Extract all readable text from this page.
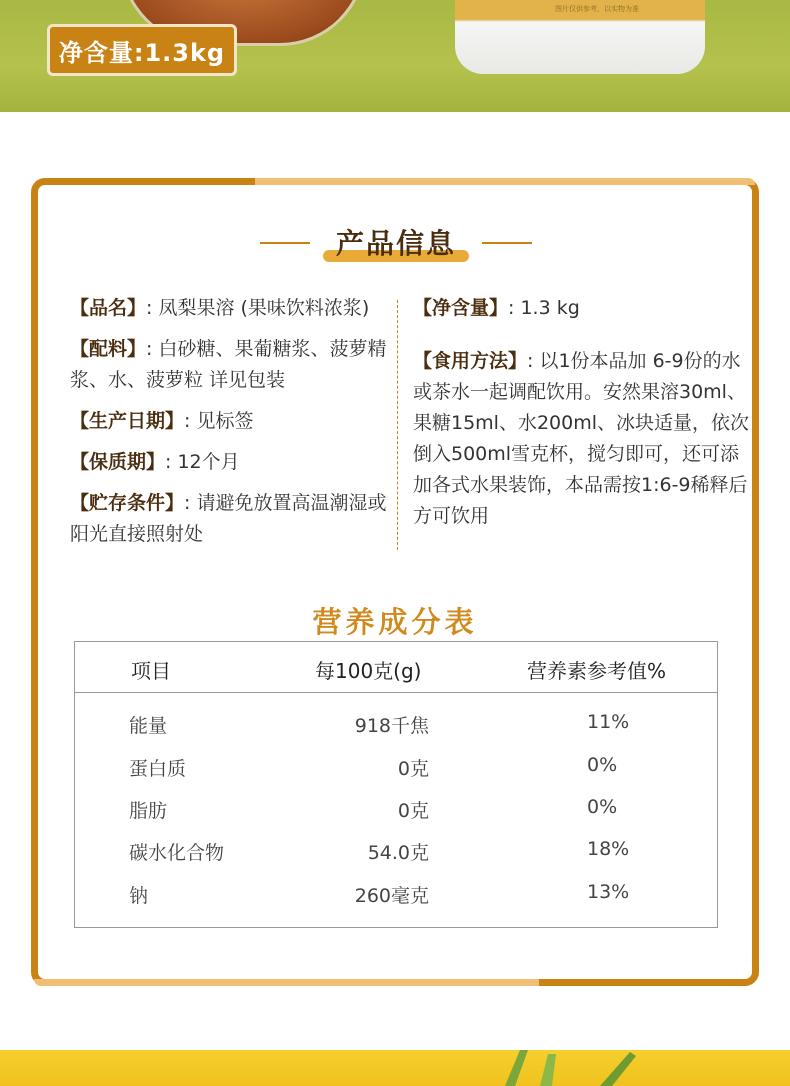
图片仅供参考，以实物为准
净含量:1.3kg
产品信息
【品名】: 凤梨果溶 (果味饮料浓浆)
【配料】: 白砂糖、果葡糖浆、菠萝精浆、水、菠萝粒 详见包装
【生产日期】: 见标签
【保质期】: 12个月
【贮存条件】: 请避免放置高温潮湿或阳光直接照射处
【净含量】: 1.3 kg
【食用方法】: 以1份本品加 6-9份的水或茶水一起调配饮用。安然果溶30ml、果糖15ml、水200ml、冰块适量，依次倒入500ml雪克杯，搅匀即可，还可添加各式水果装饰，本品需按1:6-9稀释后方可饮用
营养成分表
项目	每100克(g)	营养素参考值%
能量	918千焦	11%
蛋白质	0克	0%
脂肪	0克	0%
碳水化合物	54.0克	18%
钠	260毫克	13%
